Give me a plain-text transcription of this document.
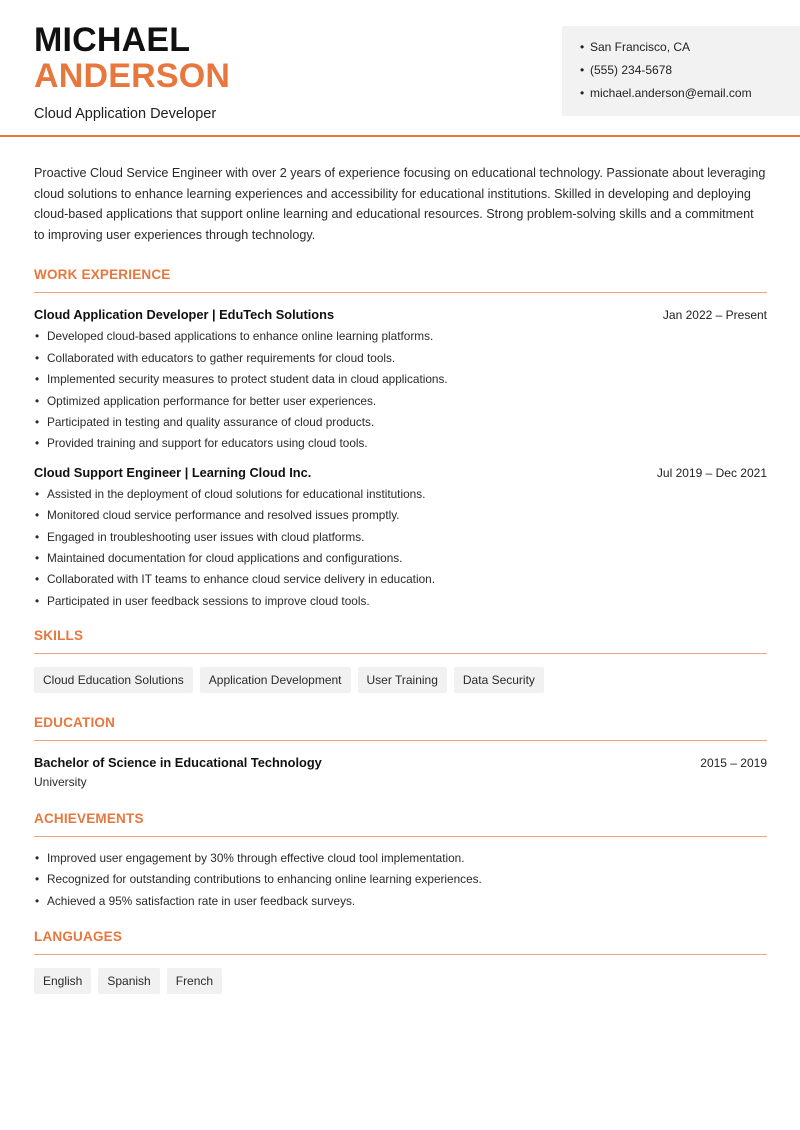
MICHAEL
ANDERSON
Cloud Application Developer
• San Francisco, CA
• (555) 234-5678
• michael.anderson@email.com

Proactive Cloud Service Engineer with over 2 years of experience focusing on educational technology. Passionate about leveraging cloud solutions to enhance learning experiences and accessibility for educational institutions. Skilled in developing and deploying cloud-based applications that support online learning and educational resources. Strong problem-solving skills and a commitment to improving user experiences through technology.

WORK EXPERIENCE
Cloud Application Developer | EduTech Solutions	Jan 2022 – Present
• Developed cloud-based applications to enhance online learning platforms.
• Collaborated with educators to gather requirements for cloud tools.
• Implemented security measures to protect student data in cloud applications.
• Optimized application performance for better user experiences.
• Participated in testing and quality assurance of cloud products.
• Provided training and support for educators using cloud tools.
Cloud Support Engineer | Learning Cloud Inc.	Jul 2019 – Dec 2021
• Assisted in the deployment of cloud solutions for educational institutions.
• Monitored cloud service performance and resolved issues promptly.
• Engaged in troubleshooting user issues with cloud platforms.
• Maintained documentation for cloud applications and configurations.
• Collaborated with IT teams to enhance cloud service delivery in education.
• Participated in user feedback sessions to improve cloud tools.
SKILLS
Cloud Education Solutions	Application Development	User Training	Data Security
EDUCATION
Bachelor of Science in Educational Technology	2015 – 2019
University
ACHIEVEMENTS
• Improved user engagement by 30% through effective cloud tool implementation.
• Recognized for outstanding contributions to enhancing online learning experiences.
• Achieved a 95% satisfaction rate in user feedback surveys.
LANGUAGES
English	Spanish	French
